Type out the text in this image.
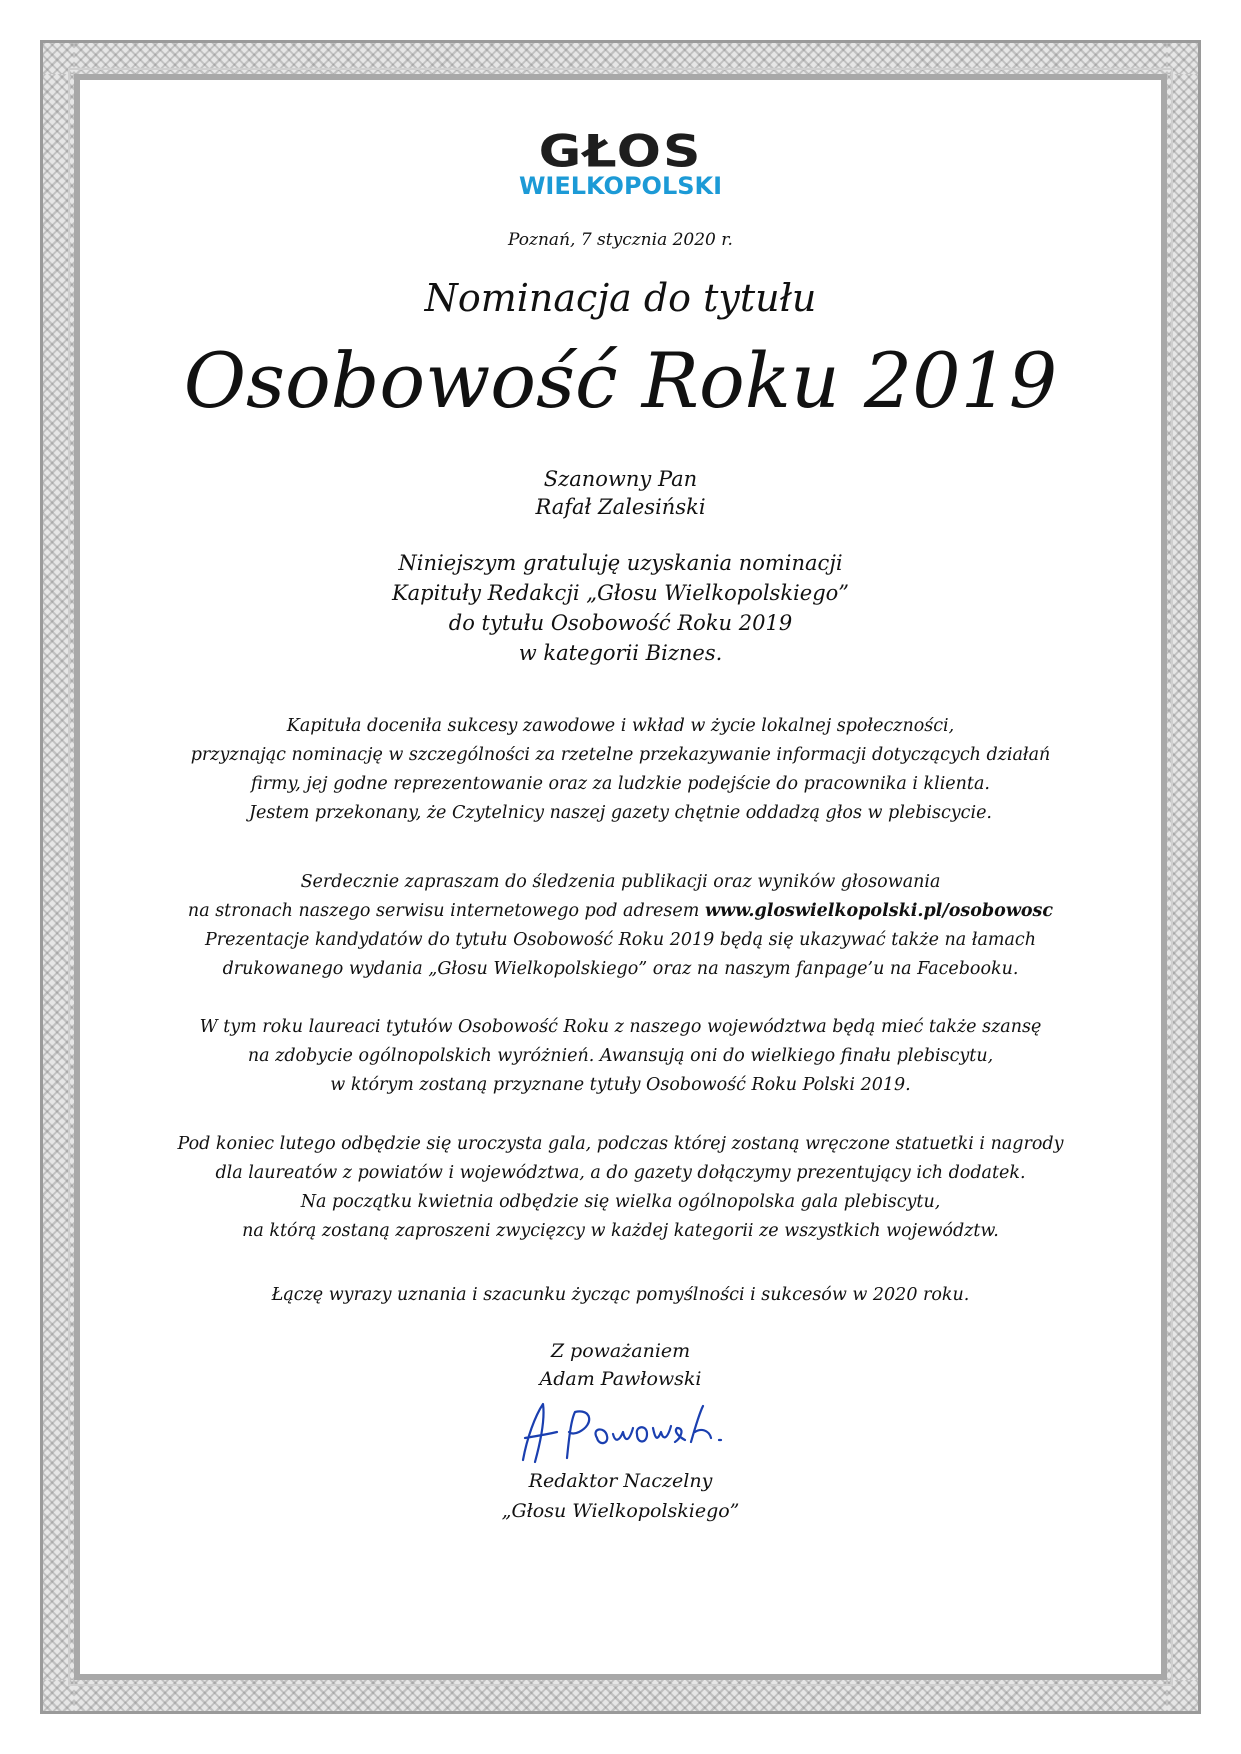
GŁOS
WIELKOPOLSKI
Poznań, 7 stycznia 2020 r.
Nominacja do tytułu
Osobowość Roku 2019
Szanowny Pan
Rafał Zalesiński
Niniejszym gratuluję uzyskania nominacji
Kapituły Redakcji „Głosu Wielkopolskiego”
do tytułu Osobowość Roku 2019
w kategorii Biznes.
Kapituła doceniła sukcesy zawodowe i wkład w życie lokalnej społeczności,
przyznając nominację w szczególności za rzetelne przekazywanie informacji dotyczących działań
firmy, jej godne reprezentowanie oraz za ludzkie podejście do pracownika i klienta.
Jestem przekonany, że Czytelnicy naszej gazety chętnie oddadzą głos w plebiscycie.
Serdecznie zapraszam do śledzenia publikacji oraz wyników głosowania
na stronach naszego serwisu internetowego pod adresem www.gloswielkopolski.pl/osobowosc
Prezentacje kandydatów do tytułu Osobowość Roku 2019 będą się ukazywać także na łamach
drukowanego wydania „Głosu Wielkopolskiego” oraz na naszym fanpage’u na Facebooku.
W tym roku laureaci tytułów Osobowość Roku z naszego województwa będą mieć także szansę
na zdobycie ogólnopolskich wyróżnień. Awansują oni do wielkiego finału plebiscytu,
w którym zostaną przyznane tytuły Osobowość Roku Polski 2019.
Pod koniec lutego odbędzie się uroczysta gala, podczas której zostaną wręczone statuetki i nagrody
dla laureatów z powiatów i województwa, a do gazety dołączymy prezentujący ich dodatek.
Na początku kwietnia odbędzie się wielka ogólnopolska gala plebiscytu,
na którą zostaną zaproszeni zwycięzcy w każdej kategorii ze wszystkich województw.
Łączę wyrazy uznania i szacunku życząc pomyślności i sukcesów w 2020 roku.
Z poważaniem
Adam Pawłowski
Redaktor Naczelny
„Głosu Wielkopolskiego”
